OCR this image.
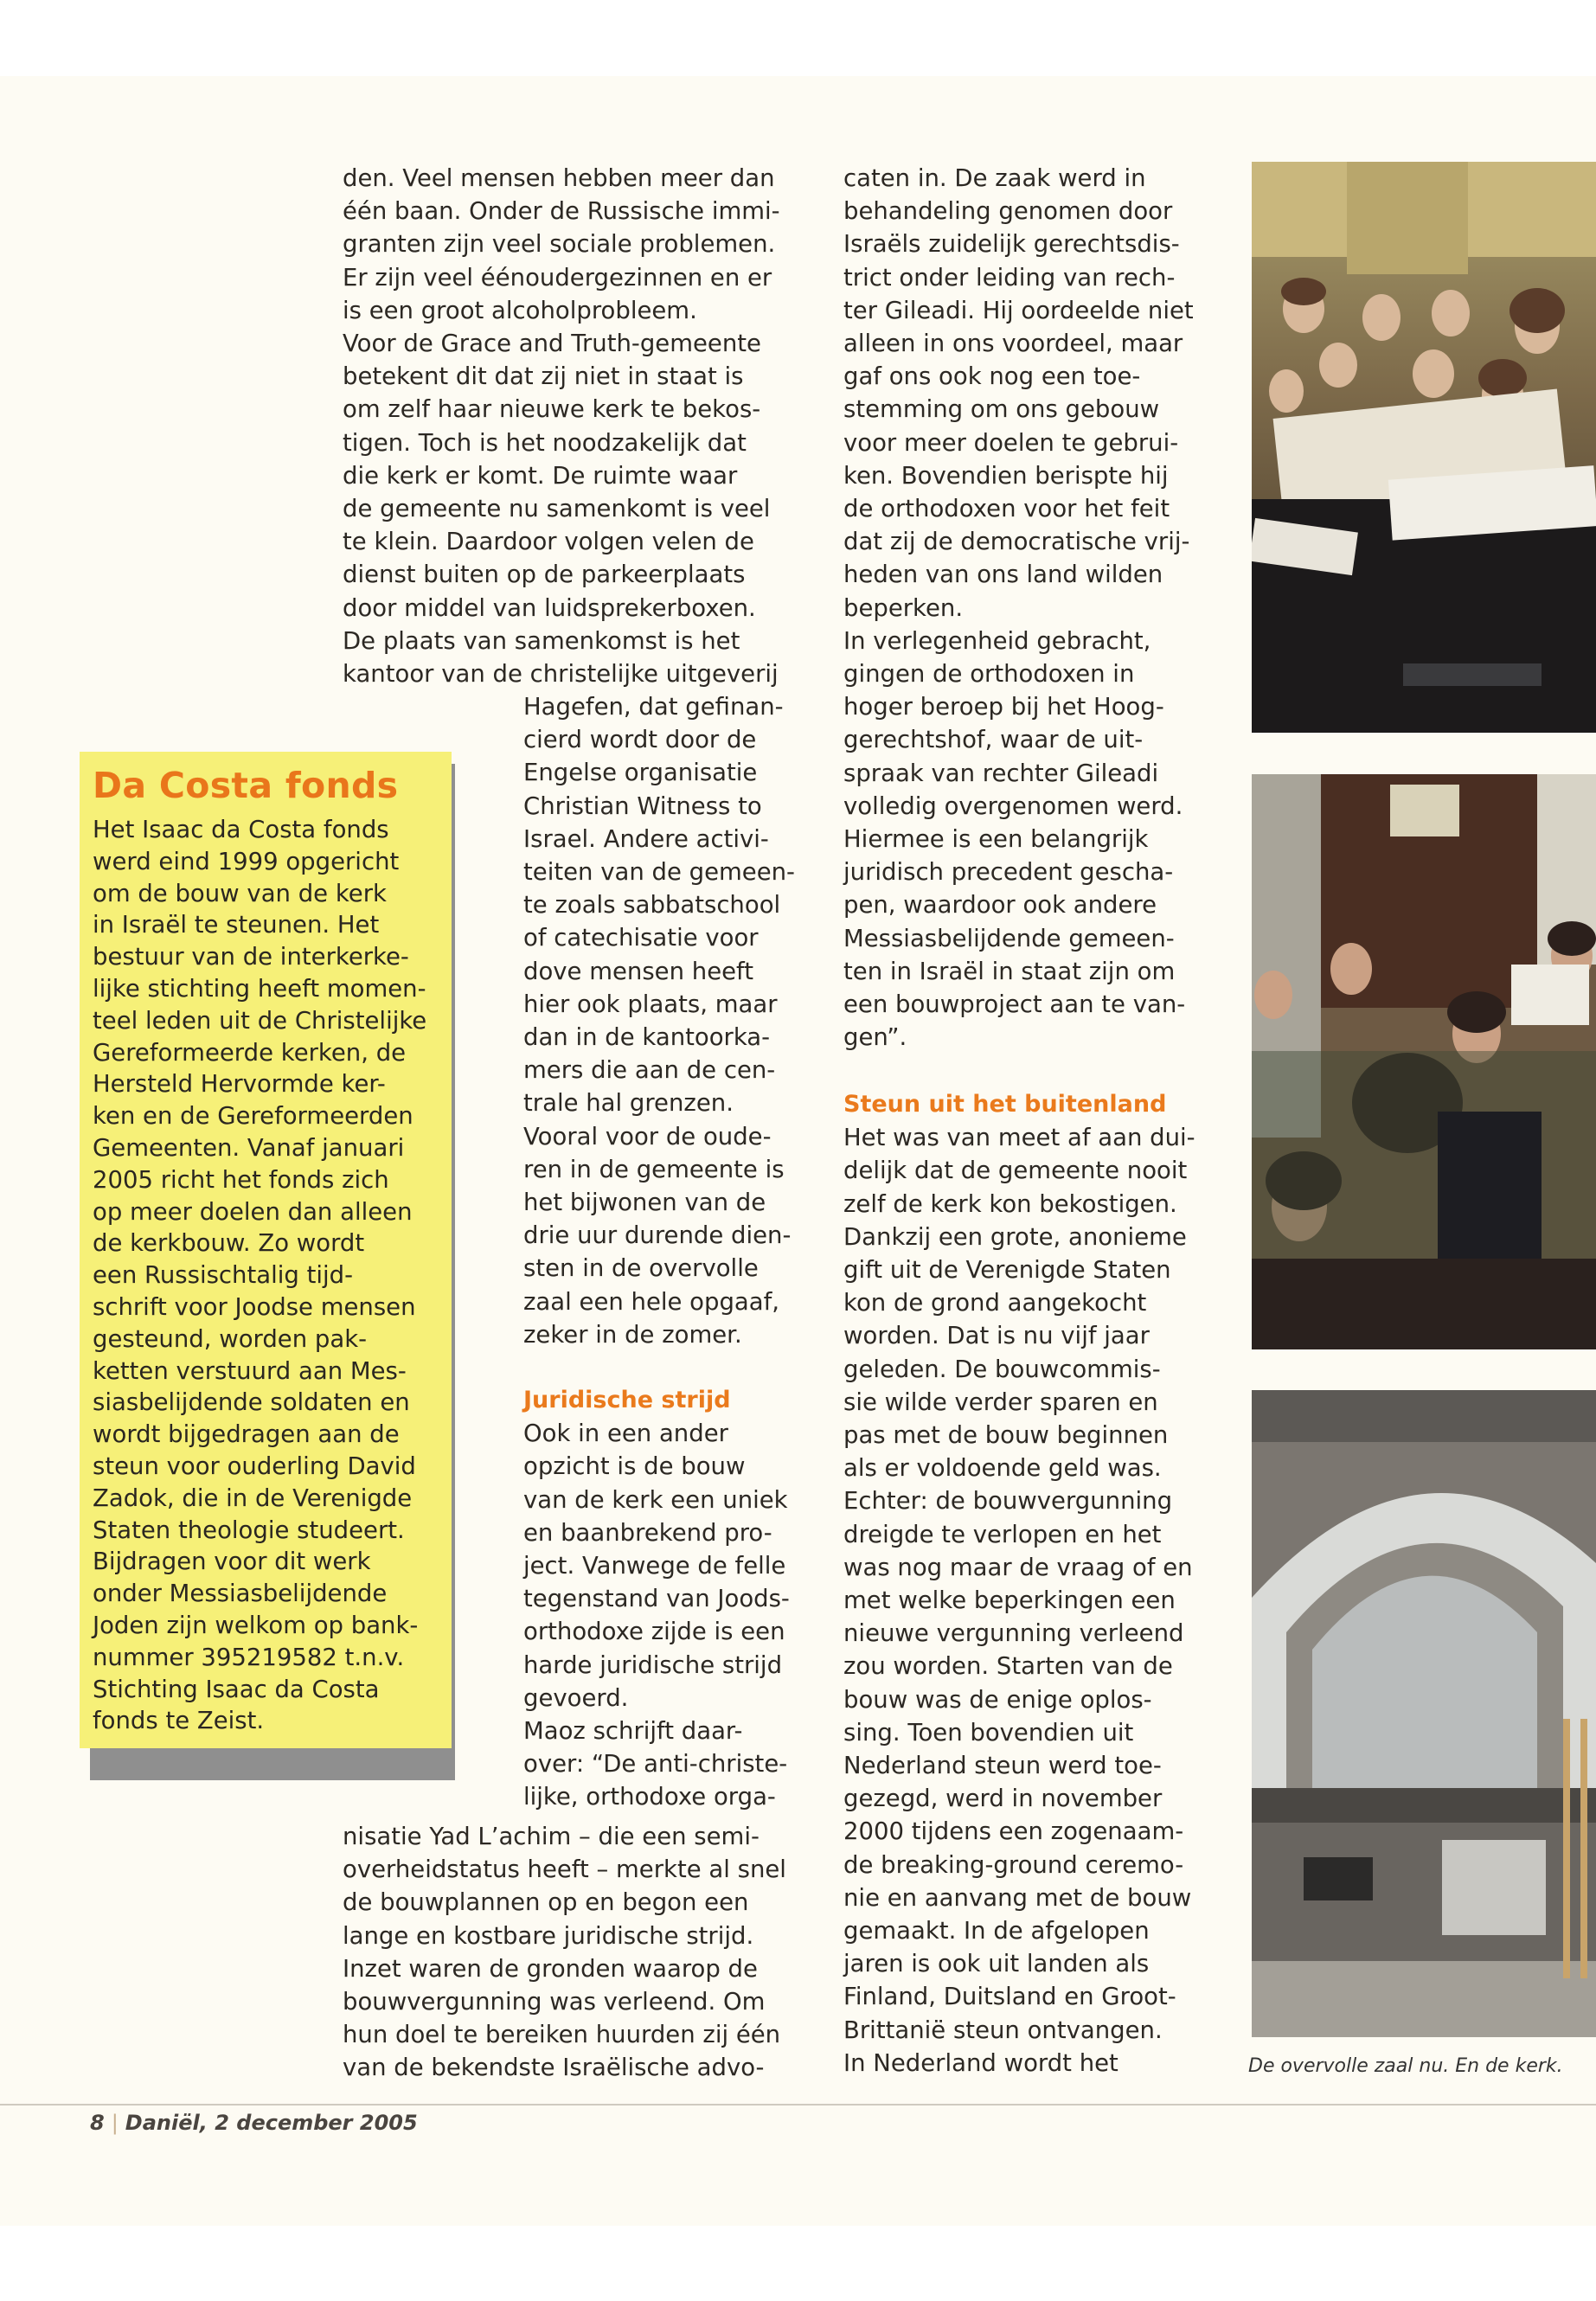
den. Veel mensen hebben meer dan

één baan. Onder de Russische immi-

granten zijn veel sociale problemen.

Er zijn veel éénoudergezinnen en er

is een groot alcoholprobleem.

Voor de Grace and Truth-gemeente

betekent dit dat zij niet in staat is

om zelf haar nieuwe kerk te bekos-

tigen. Toch is het noodzakelijk dat

die kerk er komt. De ruimte waar

de gemeente nu samenkomt is veel

te klein. Daardoor volgen velen de

dienst buiten op de parkeerplaats

door middel van luidsprekerboxen.

De plaats van samenkomst is het

kantoor van de christelijke uitgeverij

Hagefen, dat gefinan-

cierd wordt door de

Engelse organisatie

Christian Witness to

Israel. Andere activi-

teiten van de gemeen-

te zoals sabbatschool

of catechisatie voor

dove mensen heeft

hier ook plaats, maar

dan in de kantoorka-

mers die aan de cen-

trale hal grenzen.

Vooral voor de oude-

ren in de gemeente is

het bijwonen van de

drie uur durende dien-

sten in de overvolle

zaal een hele opgaaf,

zeker in de zomer.

Juridische strijd

Ook in een ander

opzicht is de bouw

van de kerk een uniek

en baanbrekend pro-

ject. Vanwege de felle

tegenstand van Joods-

orthodoxe zijde is een

harde juridische strijd

gevoerd.

Maoz schrijft daar-

over: “De anti-christe-

lijke, orthodoxe orga-

nisatie Yad L’achim – die een semi-

overheidstatus heeft – merkte al snel

de bouwplannen op en begon een

lange en kostbare juridische strijd.

Inzet waren de gronden waarop de

bouwvergunning was verleend. Om

hun doel te bereiken huurden zij één

van de bekendste Israëlische advo-

caten in. De zaak werd in

behandeling genomen door

Israëls zuidelijk gerechtsdis-

trict onder leiding van rech-

ter Gileadi. Hij oordeelde niet

alleen in ons voordeel, maar

gaf ons ook nog een toe-

stemming om ons gebouw

voor meer doelen te gebrui-

ken. Bovendien berispte hij

de orthodoxen voor het feit

dat zij de democratische vrij-

heden van ons land wilden

beperken.

In verlegenheid gebracht,

gingen de orthodoxen in

hoger beroep bij het Hoog-

gerechtshof, waar de uit-

spraak van rechter Gileadi

volledig overgenomen werd.

Hiermee is een belangrijk

juridisch precedent gescha-

pen, waardoor ook andere

Messiasbelijdende gemeen-

ten in Israël in staat zijn om

een bouwproject aan te van-

gen”.

Steun uit het buitenland

Het was van meet af aan dui-

delijk dat de gemeente nooit

zelf de kerk kon bekostigen.

Dankzij een grote, anonieme

gift uit de Verenigde Staten

kon de grond aangekocht

worden. Dat is nu vijf jaar

geleden. De bouwcommis-

sie wilde verder sparen en

pas met de bouw beginnen

als er voldoende geld was.

Echter: de bouwvergunning

dreigde te verlopen en het

was nog maar de vraag of en

met welke beperkingen een

nieuwe vergunning verleend

zou worden. Starten van de

bouw was de enige oplos-

sing. Toen bovendien uit

Nederland steun werd toe-

gezegd, werd in november

2000 tijdens een zogenaam-

de breaking-ground ceremo-

nie en aanvang met de bouw

gemaakt. In de afgelopen

jaren is ook uit landen als

Finland, Duitsland en Groot-

Brittanië steun ontvangen.

In Nederland wordt het

Da Costa fonds

Het Isaac da Costa fonds

werd eind 1999 opgericht

om de bouw van de kerk

in Israël te steunen. Het

bestuur van de interkerke-

lijke stichting heeft momen-

teel leden uit de Christelijke

Gereformeerde kerken, de

Hersteld Hervormde ker-

ken en de Gereformeerden

Gemeenten. Vanaf januari

2005 richt het fonds zich

op meer doelen dan alleen

de kerkbouw. Zo wordt

een Russischtalig tijd-

schrift voor Joodse mensen

gesteund, worden pak-

ketten verstuurd aan Mes-

siasbelijdende soldaten en

wordt bijgedragen aan de

steun voor ouderling David

Zadok, die in de Verenigde

Staten theologie studeert.

Bijdragen voor dit werk

onder Messiasbelijdende

Joden zijn welkom op bank-

nummer 395219582 t.n.v.

Stichting Isaac da Costa

fonds te Zeist.

De overvolle zaal nu. En de kerk.
8 | Daniël, 2 december 2005
